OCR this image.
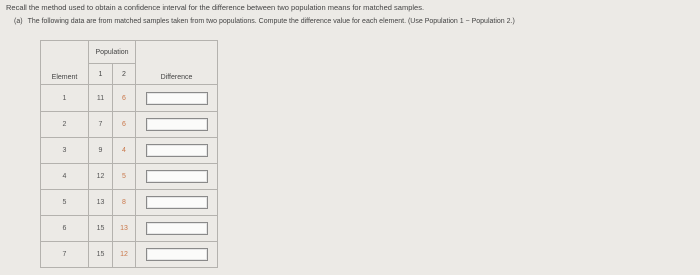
Recall the method used to obtain a confidence interval for the difference between two population means for matched samples.
(a) The following data are from matched samples taken from two populations. Compute the difference value for each element. (Use Population 1 − Population 2.)
Element	Population		Difference
	1	2	
1	11	6	

2	7	6	

3	9	4	

4	12	5	

5	13	8	

6	15	13	

7	15	12	
